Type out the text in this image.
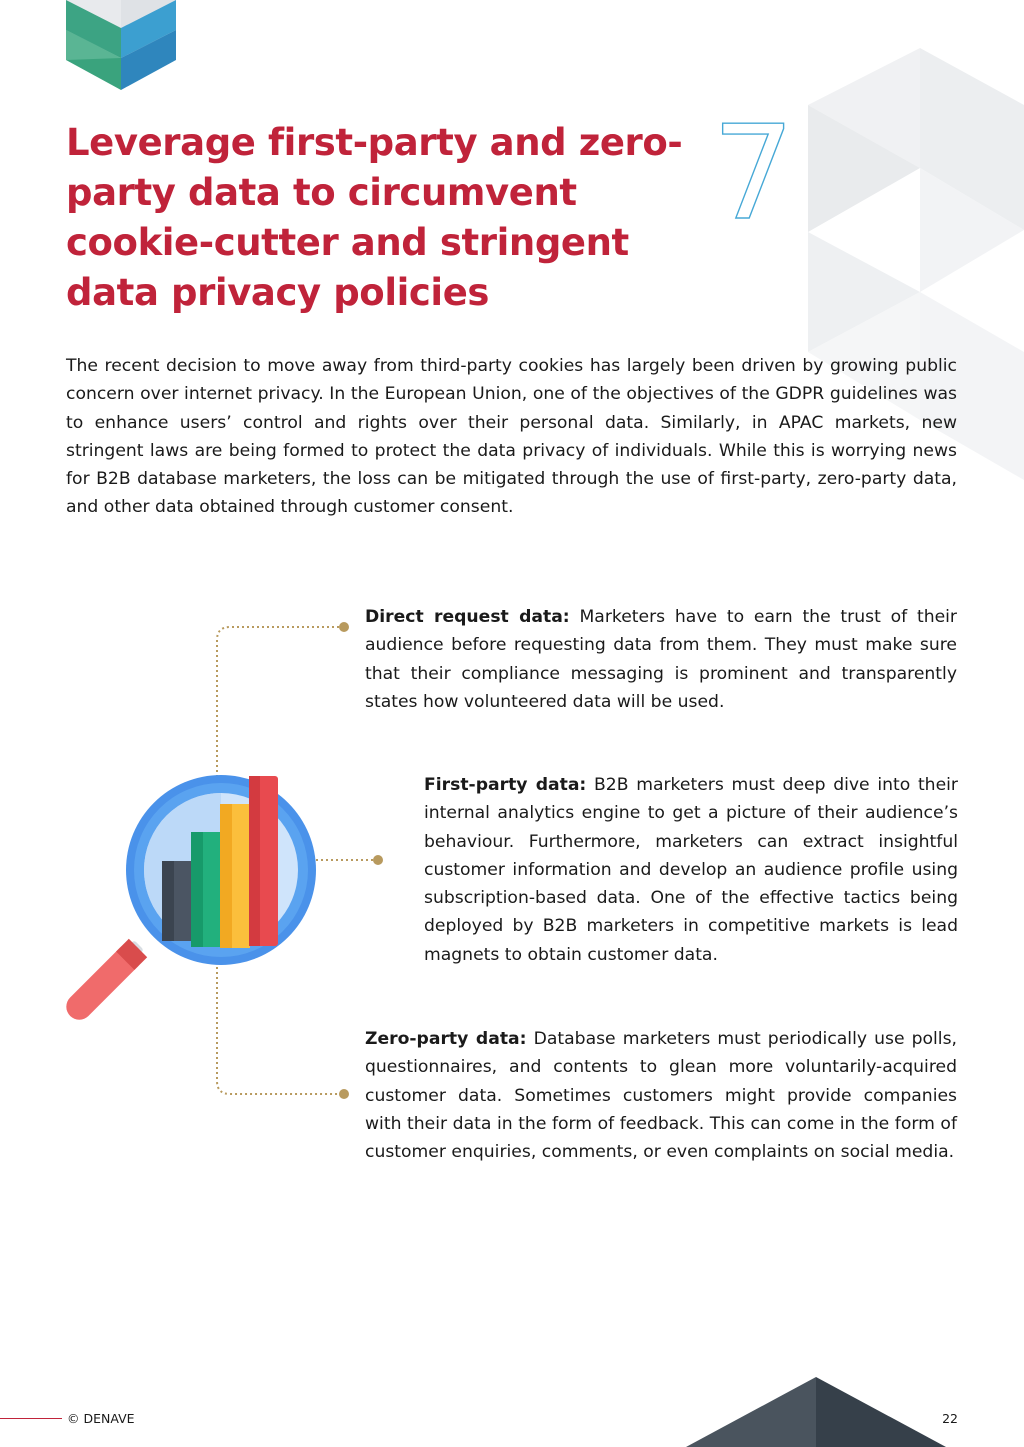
Leverage first-party and zero-
party data to circumvent
cookie-cutter and stringent
data privacy policies
7

The recent decision to move away from third-party cookies has largely been driven by growing public concern over internet privacy. In the European Union, one of the objectives of the GDPR guidelines was to enhance users’ control and rights over their personal data. Similarly, in APAC markets, new stringent laws are being formed to protect the data privacy of individuals. While this is worrying news for B2B database marketers, the loss can be mitigated through the use of first-party, zero-party data, and other data obtained through customer consent.

Direct request data: Marketers have to earn the trust of their audience before requesting data from them. They must make sure that their compliance messaging is prominent and transparently states how volunteered data will be used.

First-party data: B2B marketers must deep dive into their internal analytics engine to get a picture of their audience’s behaviour. Furthermore, marketers can extract insightful customer information and develop an audience profile using subscription-based data. One of the effective tactics being deployed by B2B marketers in competitive markets is lead magnets to obtain customer data.

Zero-party data: Database marketers must periodically use polls, questionnaires, and contents to glean more voluntarily-acquired customer data. Sometimes customers might provide companies with their data in the form of feedback. This can come in the form of customer enquiries, comments, or even complaints on social media.

© DENAVE	22
